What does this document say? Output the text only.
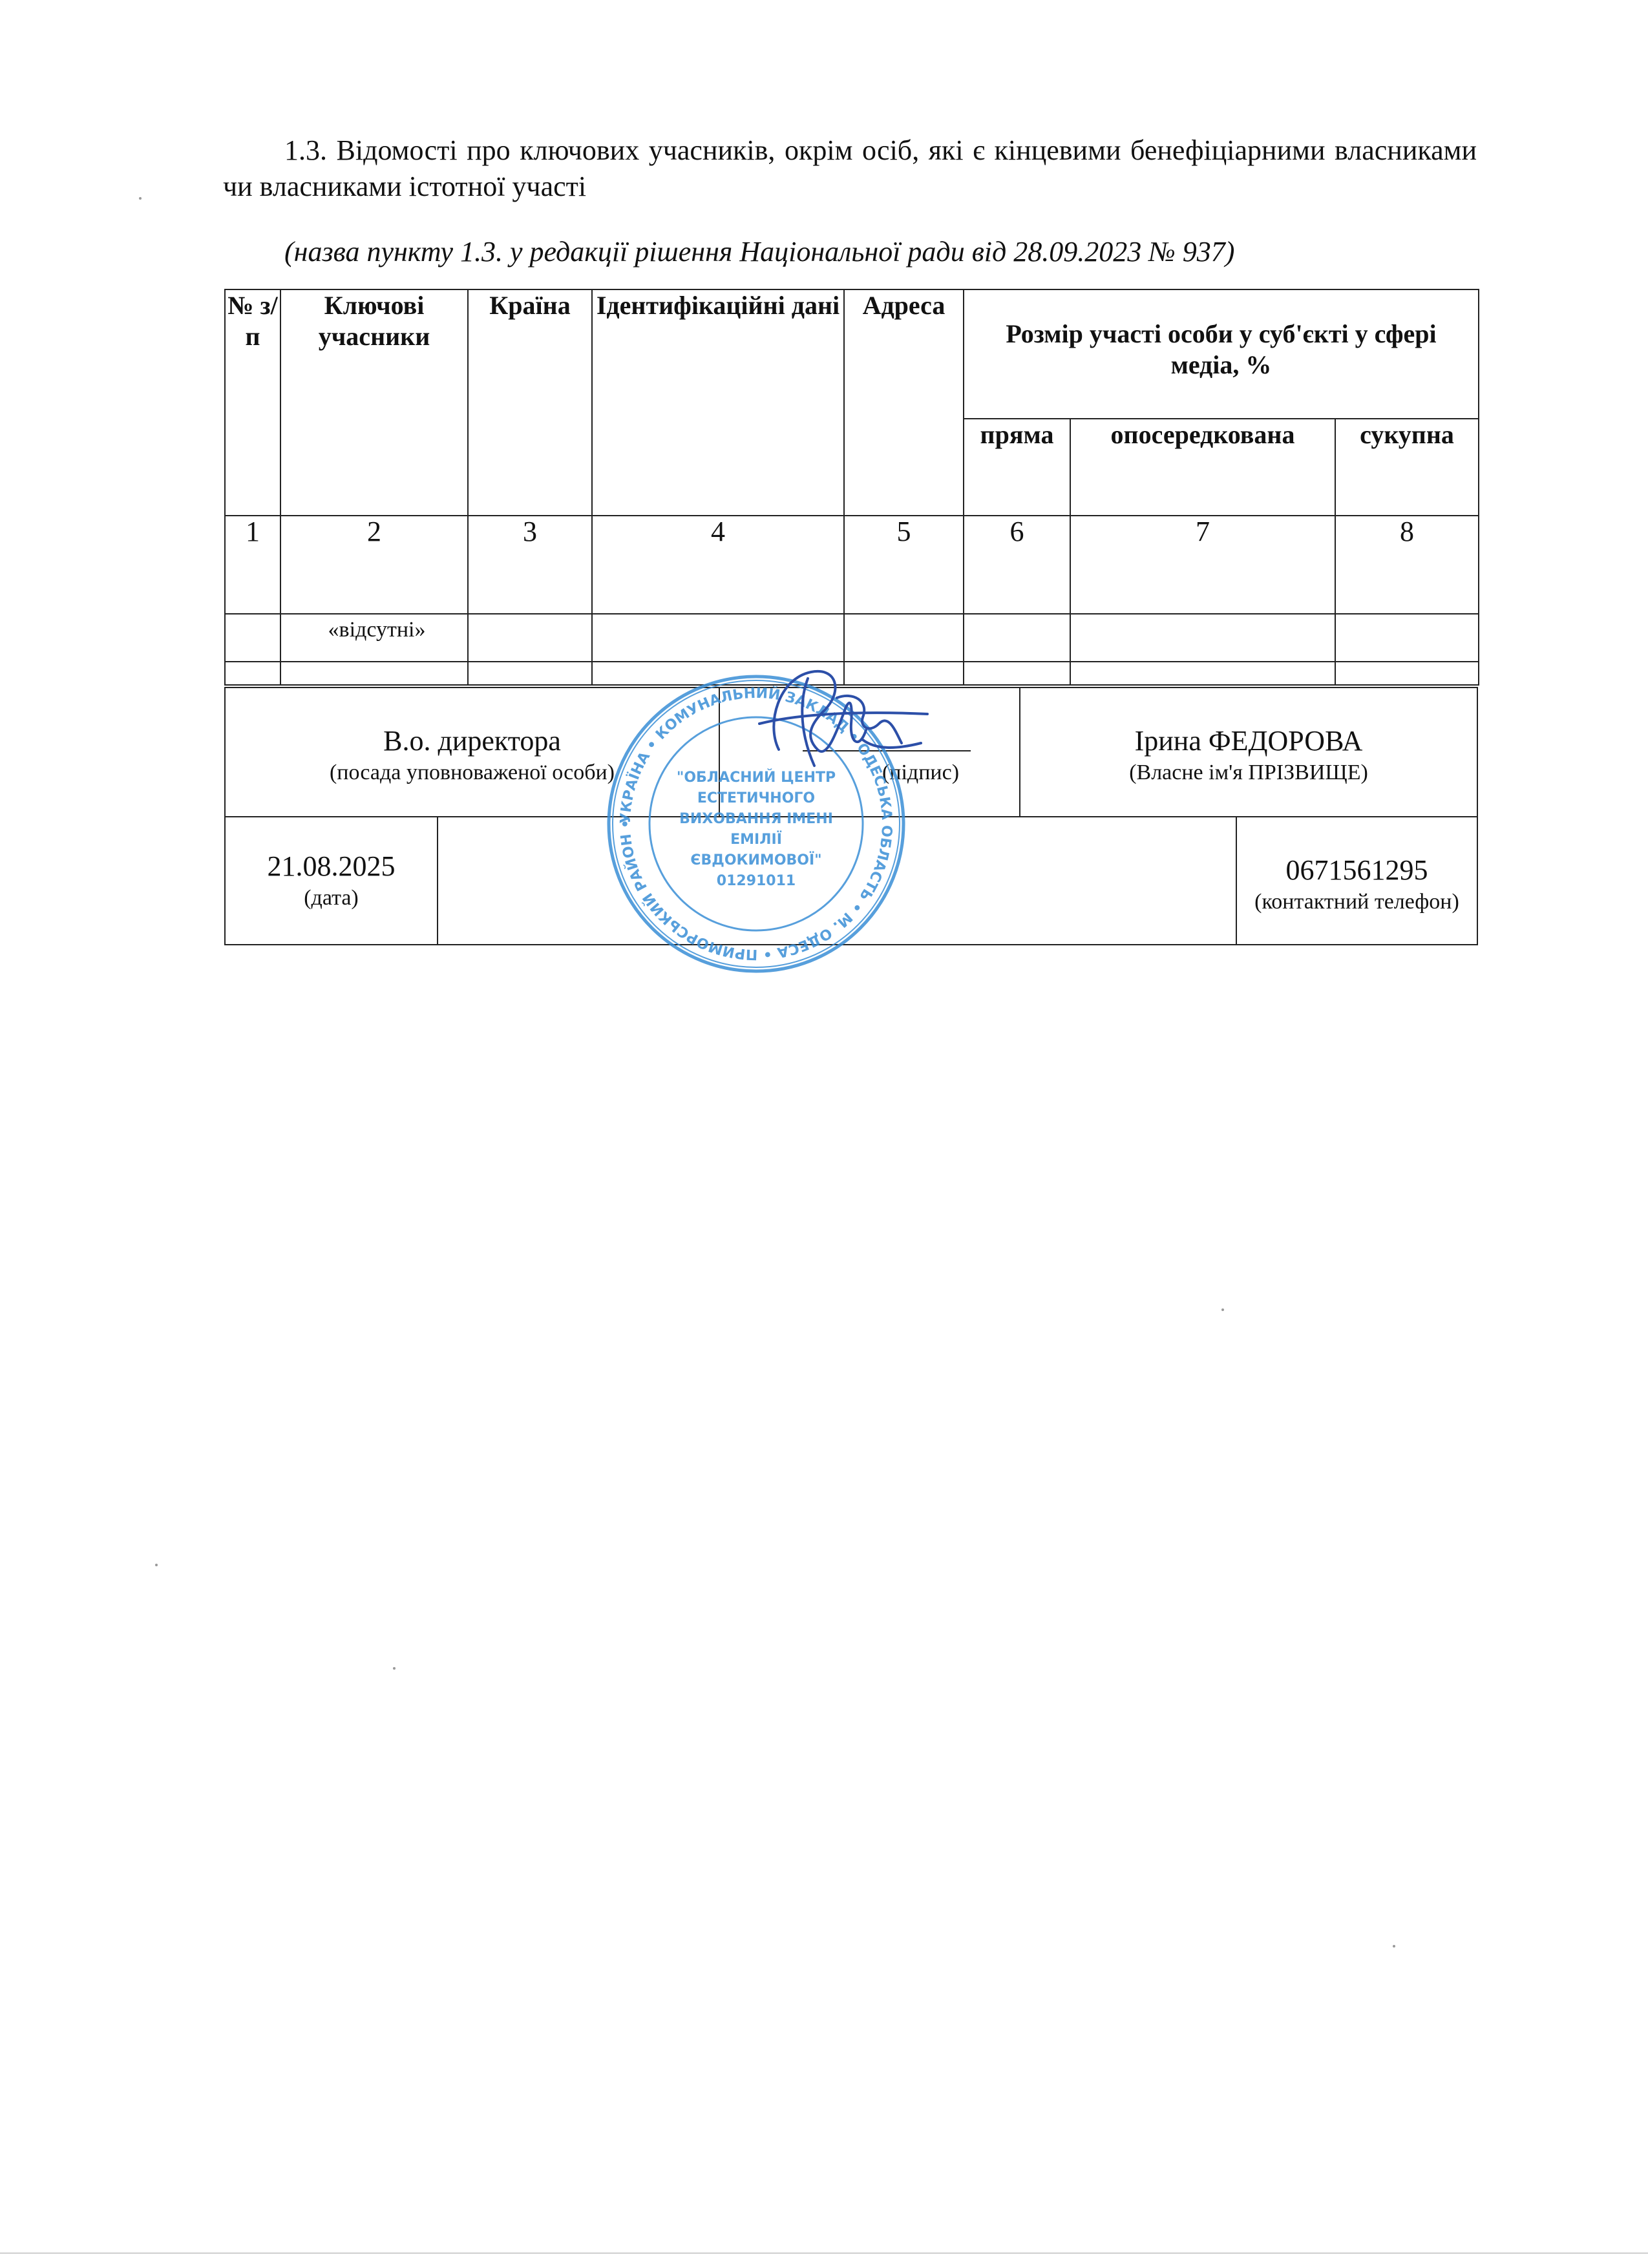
1.3. Відомості про ключових учасників, окрім осіб, які є кінцевими бенефіціарними власниками чи власниками істотної участі
(назва пункту 1.3. у редакції рішення Національної ради від 28.09.2023 № 937)
№ з/п	Ключові учасники	Країна	Ідентифікаційні дані	Адреса	Розмір участі особи у суб'єкті у сфері медіа, %		
					пряма	опосередкована	сукупна
1	2	3	4	5	6	7	8
	«відсутні»						

В.о. директора
(посада уповноваженої особи)	(підпис)
Ірина ФЕДОРОВА
(Власне ім'я ПРІЗВИЩЕ)
21.08.2025
(дата)
0671561295
(контактний телефон)
УКРАЇНА • КОМУНАЛЬНИЙ ЗАКЛАД • ОДЕСЬКА ОБЛАСТЬ • М. ОДЕСА • ПРИМОРСЬКИЙ РАЙОН •
"ОБЛАСНИЙ ЦЕНТР
ЕСТЕТИЧНОГО
ВИХОВАННЯ ІМЕНІ
ЕМІЛІЇ
ЄВДОКИМОВОЇ"
01291011
